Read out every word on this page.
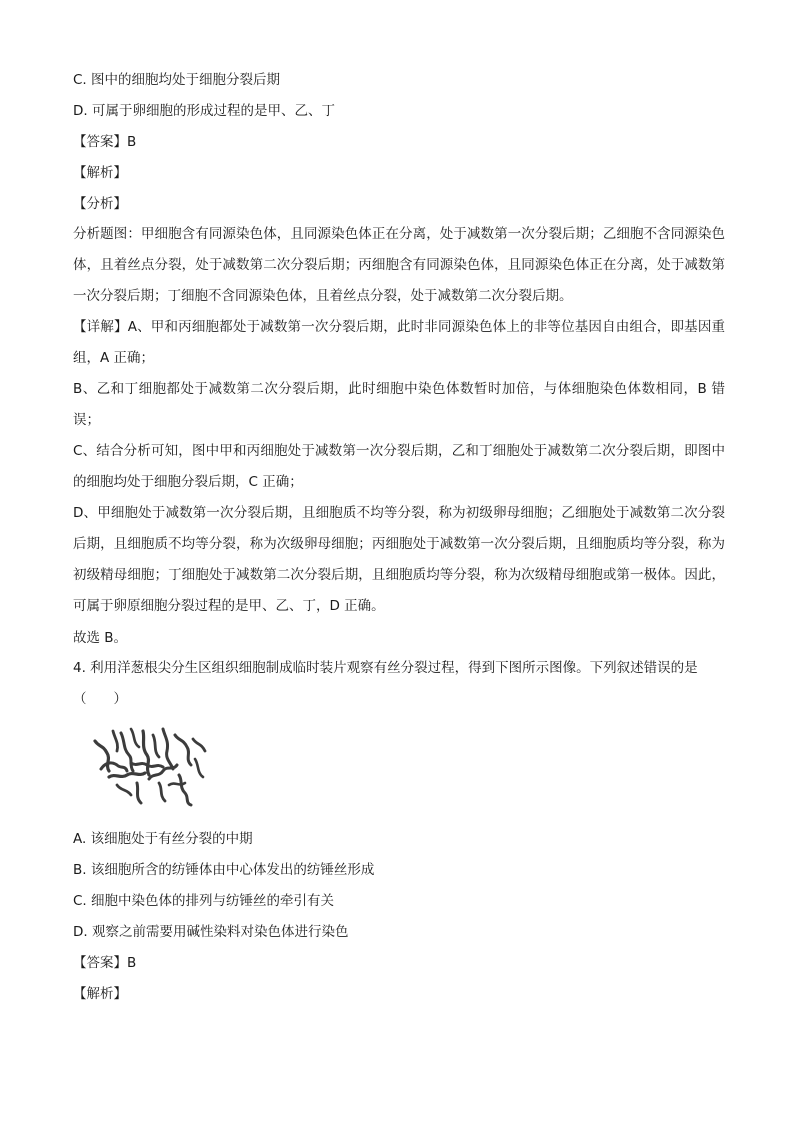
C. 图中的细胞均处于细胞分裂后期

D. 可属于卵细胞的形成过程的是甲、乙、丁

【答案】B

【解析】

【分析】

分析题图：甲细胞含有同源染色体，且同源染色体正在分离，处于减数第一次分裂后期；乙细胞不含同源染色体，且着丝点分裂，处于减数第二次分裂后期；丙细胞含有同源染色体，且同源染色体正在分离，处于减数第一次分裂后期；丁细胞不含同源染色体，且着丝点分裂，处于减数第二次分裂后期。

【详解】A、甲和丙细胞都处于减数第一次分裂后期，此时非同源染色体上的非等位基因自由组合，即基因重组，A 正确；

B、乙和丁细胞都处于减数第二次分裂后期，此时细胞中染色体数暂时加倍，与体细胞染色体数相同，B 错误；

C、结合分析可知，图中甲和丙细胞处于减数第一次分裂后期，乙和丁细胞处于减数第二次分裂后期，即图中的细胞均处于细胞分裂后期，C 正确；

D、甲细胞处于减数第一次分裂后期，且细胞质不均等分裂，称为初级卵母细胞；乙细胞处于减数第二次分裂后期，且细胞质不均等分裂，称为次级卵母细胞；丙细胞处于减数第一次分裂后期，且细胞质均等分裂，称为初级精母细胞；丁细胞处于减数第二次分裂后期，且细胞质均等分裂，称为次级精母细胞或第一极体。因此，可属于卵原细胞分裂过程的是甲、乙、丁，D 正确。

故选 B。

4. 利用洋葱根尖分生区组织细胞制成临时装片观察有丝分裂过程，得到下图所示图像。下列叙述错误的是
（　　）

A. 该细胞处于有丝分裂的中期

B. 该细胞所含的纺锤体由中心体发出的纺锤丝形成

C. 细胞中染色体的排列与纺锤丝的牵引有关

D. 观察之前需要用碱性染料对染色体进行染色

【答案】B

【解析】
